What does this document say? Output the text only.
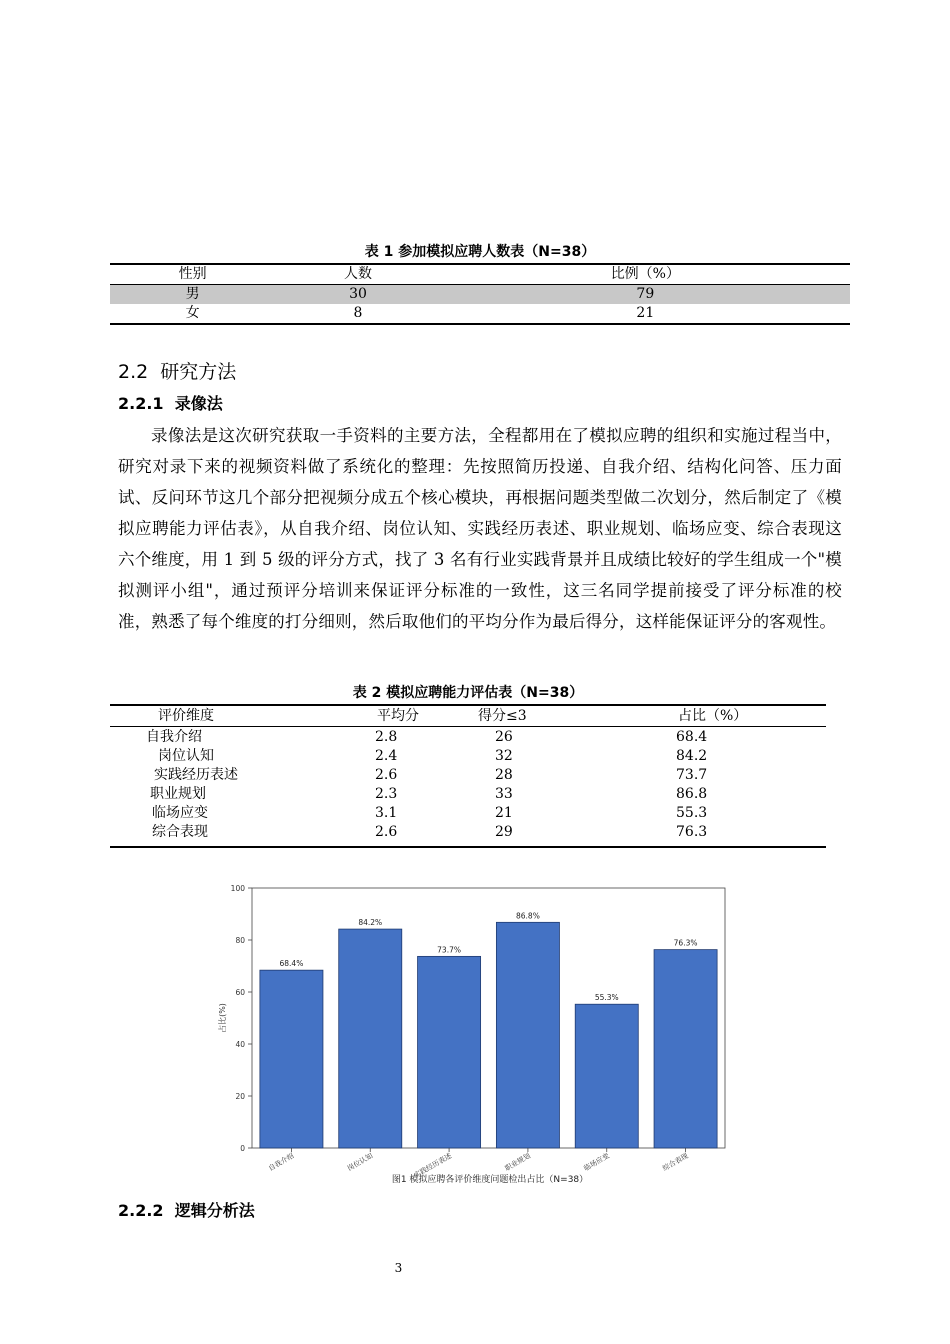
表 1 参加模拟应聘人数表（N=38）
性别	人数	比例（%）
男	30	79
女	8	21
2.2  研究方法
2.2.1  录像法
录像法是这次研究获取一手资料的主要方法，全程都用在了模拟应聘的组织和实施过程当中，研究对录下来的视频资料做了系统化的整理：先按照简历投递、自我介绍、结构化问答、压力面试、反问环节这几个部分把视频分成五个核心模块，再根据问题类型做二次划分，然后制定了《模拟应聘能力评估表》，从自我介绍、岗位认知、实践经历表述、职业规划、临场应变、综合表现这六个维度，用 1 到 5 级的评分方式，找了 3 名有行业实践背景并且成绩比较好的学生组成一个"模拟测评小组"，通过预评分培训来保证评分标准的一致性，这三名同学提前接受了评分标准的校准，熟悉了每个维度的打分细则，然后取他们的平均分作为最后得分，这样能保证评分的客观性。
表 2 模拟应聘能力评估表（N=38）
评价维度	平均分	得分≤3	占比（%）
自我介绍	2.8	26	68.4
岗位认知	2.4	32	84.2
实践经历表述	2.6	28	73.7
职业规划	2.3	33	86.8
临场应变	3.1	21	55.3
综合表现	2.6	29	76.3
0
20
40
60
80
100
占比(%)
68.4%
自我介绍
84.2%
岗位认知
73.7%
实践经历表述
86.8%
职业规划
55.3%
临场应变
76.3%
综合表现
图1 模拟应聘各评价维度问题检出占比（N=38）
2.2.2  逻辑分析法
3
